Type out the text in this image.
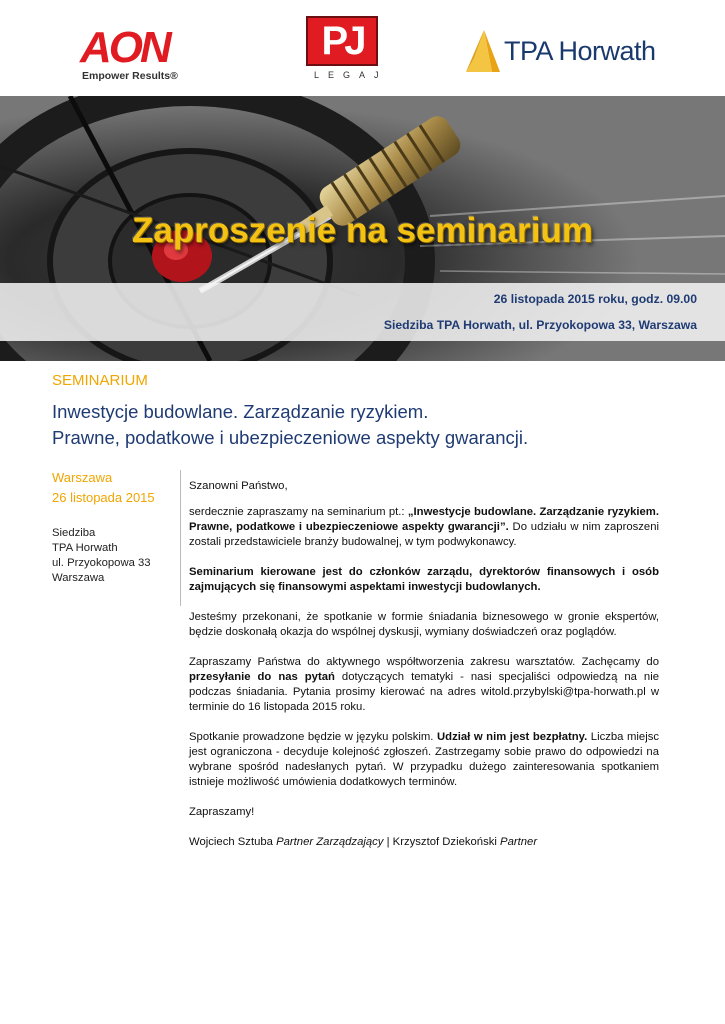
AON
Empower Results®
PJ
LEGAJ
TPA Horwath
Zaproszenie na seminarium
26 listopada 2015 roku, godz. 09.00
Siedziba TPA Horwath, ul. Przyokopowa 33, Warszawa
SEMINARIUM
Inwestycje budowlane. Zarządzanie ryzykiem.
Prawne, podatkowe i ubezpieczeniowe aspekty gwarancji.
Warszawa
26 listopada 2015
Siedziba
TPA Horwath
ul. Przyokopowa 33
Warszawa

Szanowni Państwo,

serdecznie zapraszamy na seminarium pt.: „Inwestycje budowlane. Zarządzanie ryzykiem. Prawne, podatkowe i ubezpieczeniowe aspekty gwarancji”. Do udziału w nim zaproszeni zostali przedstawiciele branży budowalnej, w tym podwykonawcy.

Seminarium kierowane jest do członków zarządu, dyrektorów finansowych i osób zajmujących się finansowymi aspektami inwestycji budowlanych.

Jesteśmy przekonani, że spotkanie w formie śniadania biznesowego w gronie ekspertów, będzie doskonałą okazja do wspólnej dyskusji, wymiany doświadczeń oraz poglądów.

Zapraszamy Państwa do aktywnego współtworzenia zakresu warsztatów. Zachęcamy do przesyłanie do nas pytań dotyczących tematyki - nasi specjaliści odpowiedzą na nie podczas śniadania. Pytania prosimy kierować na adres witold.przybylski@tpa-horwath.pl w terminie do 16 listopada 2015 roku.

Spotkanie prowadzone będzie w języku polskim. Udział w nim jest bezpłatny. Liczba miejsc jest ograniczona - decyduje kolejność zgłoszeń. Zastrzegamy sobie prawo do odpowiedzi na wybrane spośród nadesłanych pytań. W przypadku dużego zainteresowania spotkaniem istnieje możliwość umówienia dodatkowych terminów.

Zapraszamy!

Wojciech Sztuba Partner Zarządzający | Krzysztof Dziekoński Partner
